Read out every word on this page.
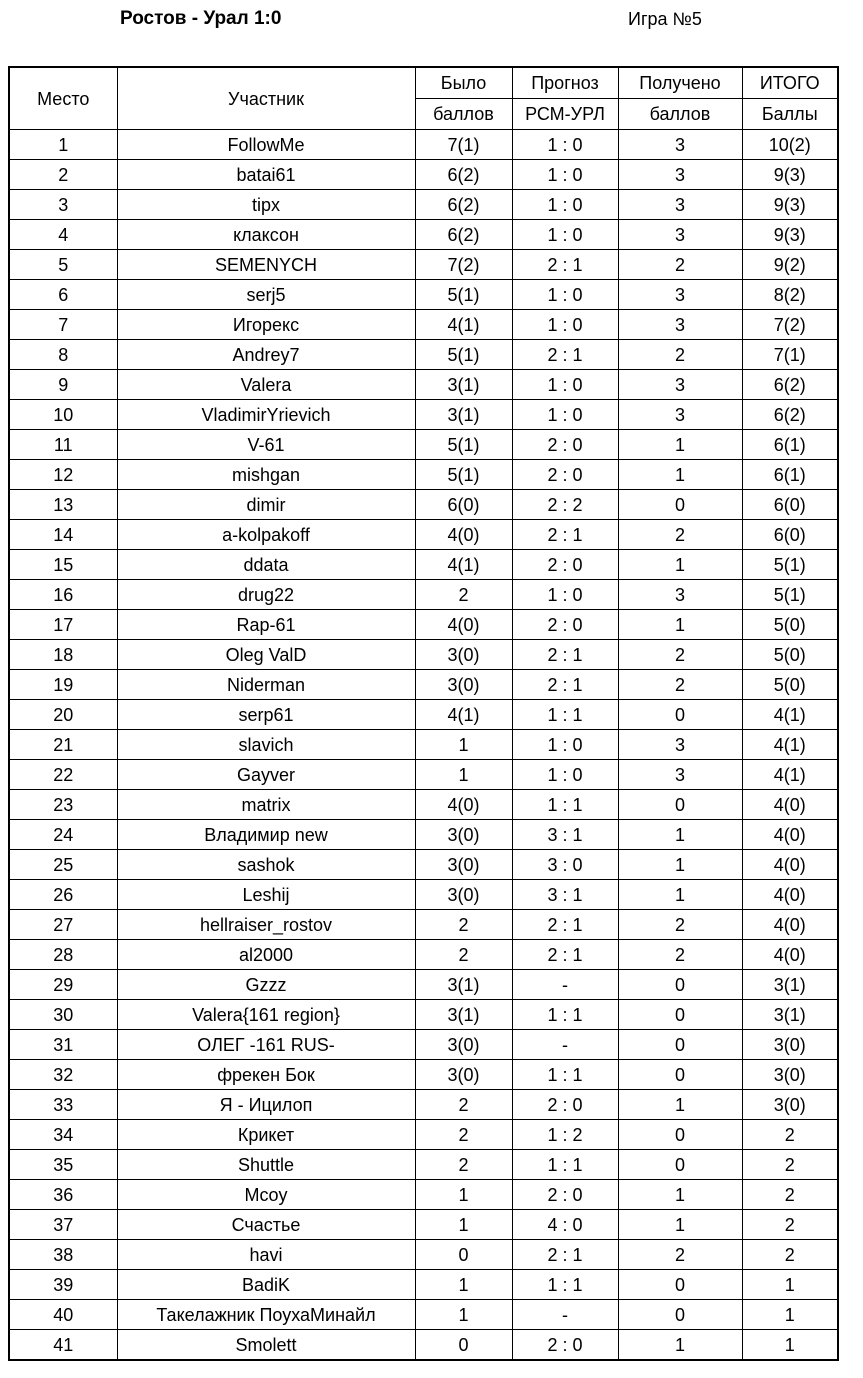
Ростов - Урал 1:0	Игра №5
Место	Участник	Было	Прогноз	Получено	ИТОГО
		баллов	РСМ-УРЛ	баллов	Баллы
1	FollowMe	7(1)	1 : 0	3	10(2)
2	batai61	6(2)	1 : 0	3	9(3)
3	tipx	6(2)	1 : 0	3	9(3)
4	клаксон	6(2)	1 : 0	3	9(3)
5	SEMENYCH	7(2)	2 : 1	2	9(2)
6	serj5	5(1)	1 : 0	3	8(2)
7	Игорекс	4(1)	1 : 0	3	7(2)
8	Andrey7	5(1)	2 : 1	2	7(1)
9	Valera	3(1)	1 : 0	3	6(2)
10	VladimirYrievich	3(1)	1 : 0	3	6(2)
11	V-61	5(1)	2 : 0	1	6(1)
12	mishgan	5(1)	2 : 0	1	6(1)
13	dimir	6(0)	2 : 2	0	6(0)
14	a-kolpakoff	4(0)	2 : 1	2	6(0)
15	ddata	4(1)	2 : 0	1	5(1)
16	drug22	2	1 : 0	3	5(1)
17	Rap-61	4(0)	2 : 0	1	5(0)
18	Oleg ValD	3(0)	2 : 1	2	5(0)
19	Niderman	3(0)	2 : 1	2	5(0)
20	serp61	4(1)	1 : 1	0	4(1)
21	slavich	1	1 : 0	3	4(1)
22	Gayver	1	1 : 0	3	4(1)
23	matrix	4(0)	1 : 1	0	4(0)
24	Владимир new	3(0)	3 : 1	1	4(0)
25	sashok	3(0)	3 : 0	1	4(0)
26	Leshij	3(0)	3 : 1	1	4(0)
27	hellraiser_rostov	2	2 : 1	2	4(0)
28	al2000	2	2 : 1	2	4(0)
29	Gzzz	3(1)	-	0	3(1)
30	Valera{161 region}	3(1)	1 : 1	0	3(1)
31	ОЛЕГ -161 RUS-	3(0)	-	0	3(0)
32	фрекен Бок	3(0)	1 : 1	0	3(0)
33	Я - Ицилоп	2	2 : 0	1	3(0)
34	Крикет	2	1 : 2	0	2
35	Shuttle	2	1 : 1	0	2
36	Mcoy	1	2 : 0	1	2
37	Счастье	1	4 : 0	1	2
38	havi	0	2 : 1	2	2
39	BadiK	1	1 : 1	0	1
40	Такелажник ПоухаМинайл	1	-	0	1
41	Smolett	0	2 : 0	1	1
